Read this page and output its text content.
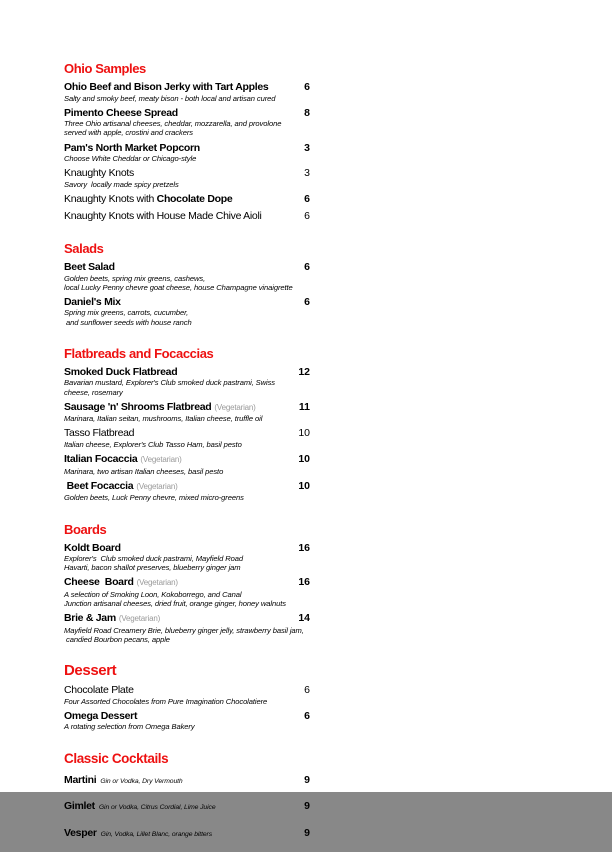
Ohio Samples
Ohio Beef and Bison Jerky with Tart Apples	6
Salty and smoky beef, meaty bison - both local and artisan cured
Pimento Cheese Spread	8
Three Ohio artisanal cheeses, cheddar, mozzarella, and provolone
served with apple, crostini and crackers
Pam's North Market Popcorn	3
Choose White Cheddar or Chicago-style
Knaughty Knots	3
Savory  locally made spicy pretzels
Knaughty Knots with Chocolate Dope	6
Knaughty Knots with House Made Chive Aioli	6
Salads
Beet Salad	6
Golden beets, spring mix greens, cashews,
local Lucky Penny chevre goat cheese, house Champagne vinaigrette
Daniel's Mix	6
Spring mix greens, carrots, cucumber,
and sunflower seeds with house ranch
Flatbreads and Focaccias
Smoked Duck Flatbread	12
Bavarian mustard, Explorer's Club smoked duck pastrami, Swiss
cheese, rosemary
Sausage 'n' Shrooms Flatbread (Vegetarian)	11
Marinara, Italian seitan, mushrooms, Italian cheese, truffle oil
Tasso Flatbread	10
Italian cheese, Explorer's Club Tasso Ham, basil pesto
Italian Focaccia (Vegetarian)	10
Marinara, two artisan Italian cheeses, basil pesto
Beet Focaccia (Vegetarian)	10
Golden beets, Luck Penny chevre, mixed micro-greens
Boards
Koldt Board	16
Explorer's  Club smoked duck pastrami, Mayfield Road
Havarti, bacon shallot preserves, blueberry ginger jam
Cheese  Board (Vegetarian)	16
A selection of Smoking Loon, Kokoborrego, and Canal
Junction artisanal cheeses, dried fruit, orange ginger, honey walnuts
Brie & Jam (Vegetarian)	14
Mayfield Road Creamery Brie, blueberry ginger jelly, strawberry basil jam,
candied Bourbon pecans, apple
Dessert
Chocolate Plate	6
Four Assorted Chocolates from Pure Imagination Chocolatiere
Omega Dessert	6
A rotating selection from Omega Bakery
Classic Cocktails
Martini Gin or Vodka, Dry Vermouth	9
Gimlet Gin or Vodka, Citrus Cordial, Lime Juice	9
Vesper Gin, Vodka, Lillet Blanc, orange bitters	9
